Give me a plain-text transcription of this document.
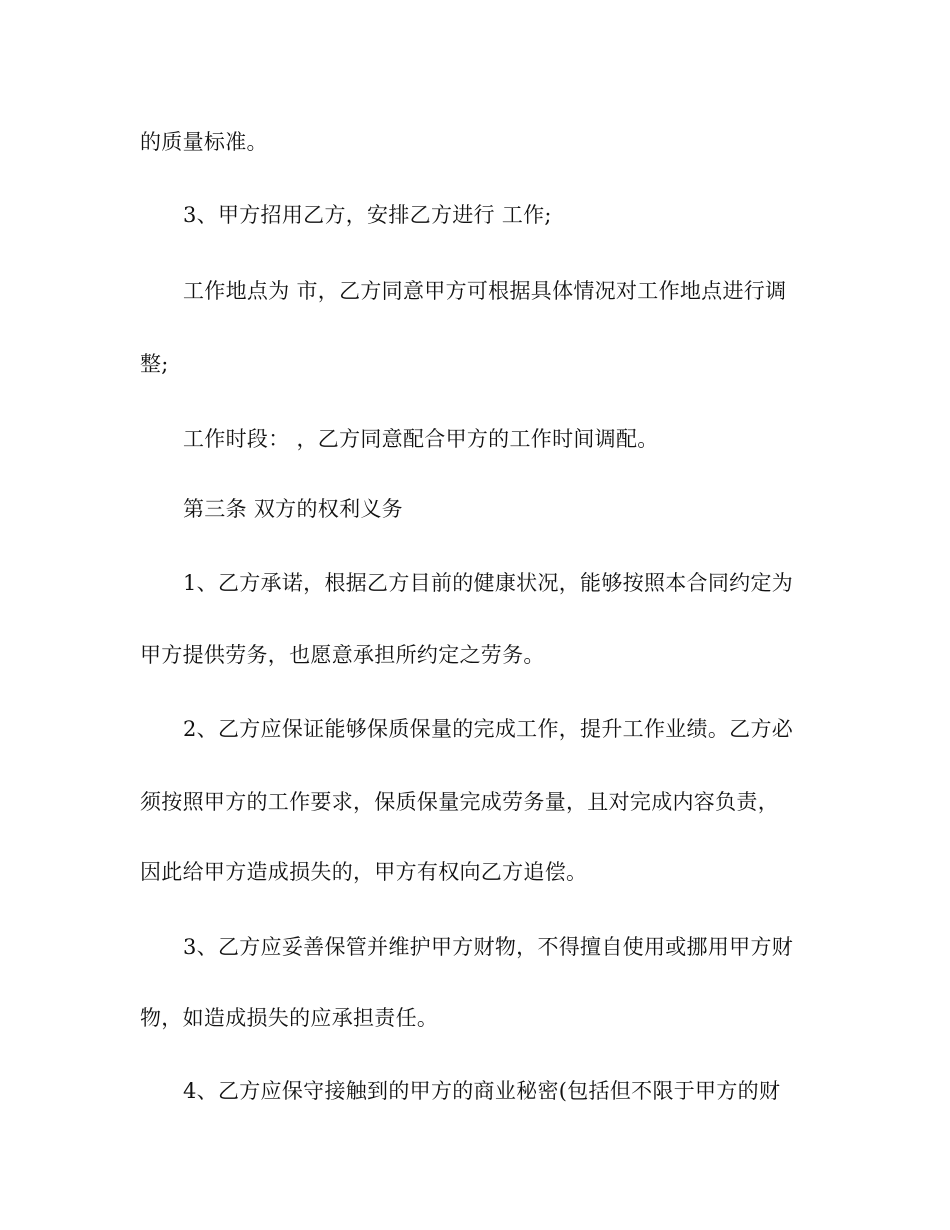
的质量标准。
3、甲方招用乙方，安排乙方进行 工作;
工作地点为 市，乙方同意甲方可根据具体情况对工作地点进行调
整;
工作时段： ，乙方同意配合甲方的工作时间调配。
第三条 双方的权利义务
1、乙方承诺，根据乙方目前的健康状况，能够按照本合同约定为
甲方提供劳务，也愿意承担所约定之劳务。
2、乙方应保证能够保质保量的完成工作，提升工作业绩。乙方必
须按照甲方的工作要求，保质保量完成劳务量，且对完成内容负责，
因此给甲方造成损失的，甲方有权向乙方追偿。
3、乙方应妥善保管并维护甲方财物，不得擅自使用或挪用甲方财
物，如造成损失的应承担责任。
4、乙方应保守接触到的甲方的商业秘密(包括但不限于甲方的财
